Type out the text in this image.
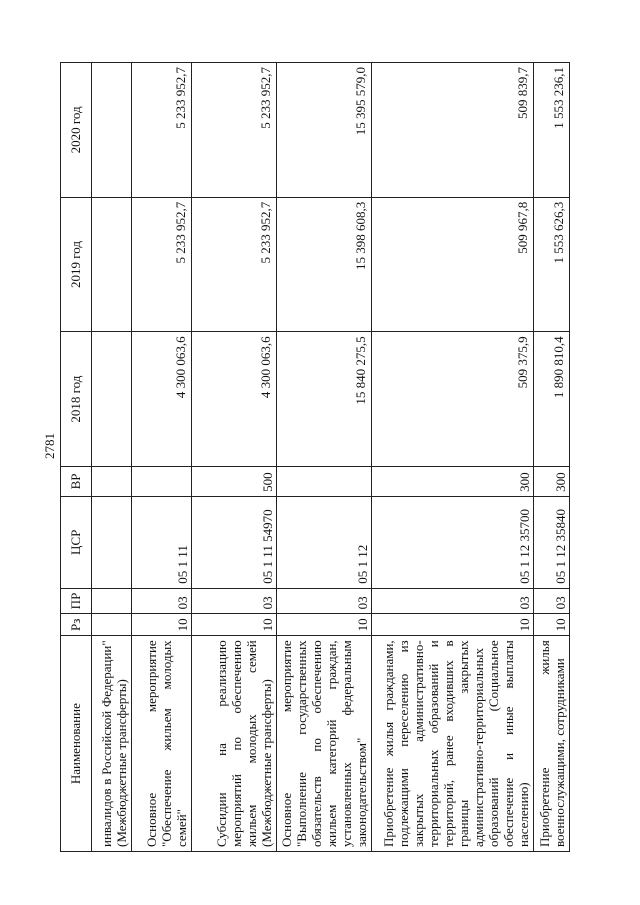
2781
Наименование	Рз	ПР	ЦСР	ВР	2018 год	2019 год	2020 год
инвалидов в Российской Федерации" (Межбюджетные трансферты)							
Основное мероприятие "Обеспечение жильем молодых семей"	10	03	05 1 11		4 300 063,6	5 233 952,7	5 233 952,7
Субсидии на реализацию мероприятий по обеспечению жильем молодых семей (Межбюджетные трансферты)	10	03	05 1 11 54970	500	4 300 063,6	5 233 952,7	5 233 952,7
Основное мероприятие "Выполнение государственных обязательств по обеспечению жильем категорий граждан, установленных федеральным законодательством"	10	03	05 1 12		15 840 275,5	15 398 608,3	15 395 579,0
Приобретение жилья гражданами, подлежащими переселению из закрытых административно-территориальных образований и территорий, ранее входивших в границы закрытых административно-территориальных образований (Социальное обеспечение и иные выплаты населению)	10	03	05 1 12 35700	300	509 375,9	509 967,8	509 839,7
Приобретение жилья военнослужащими, сотрудниками	10	03	05 1 12 35840	300	1 890 810,4	1 553 626,3	1 553 236,1
